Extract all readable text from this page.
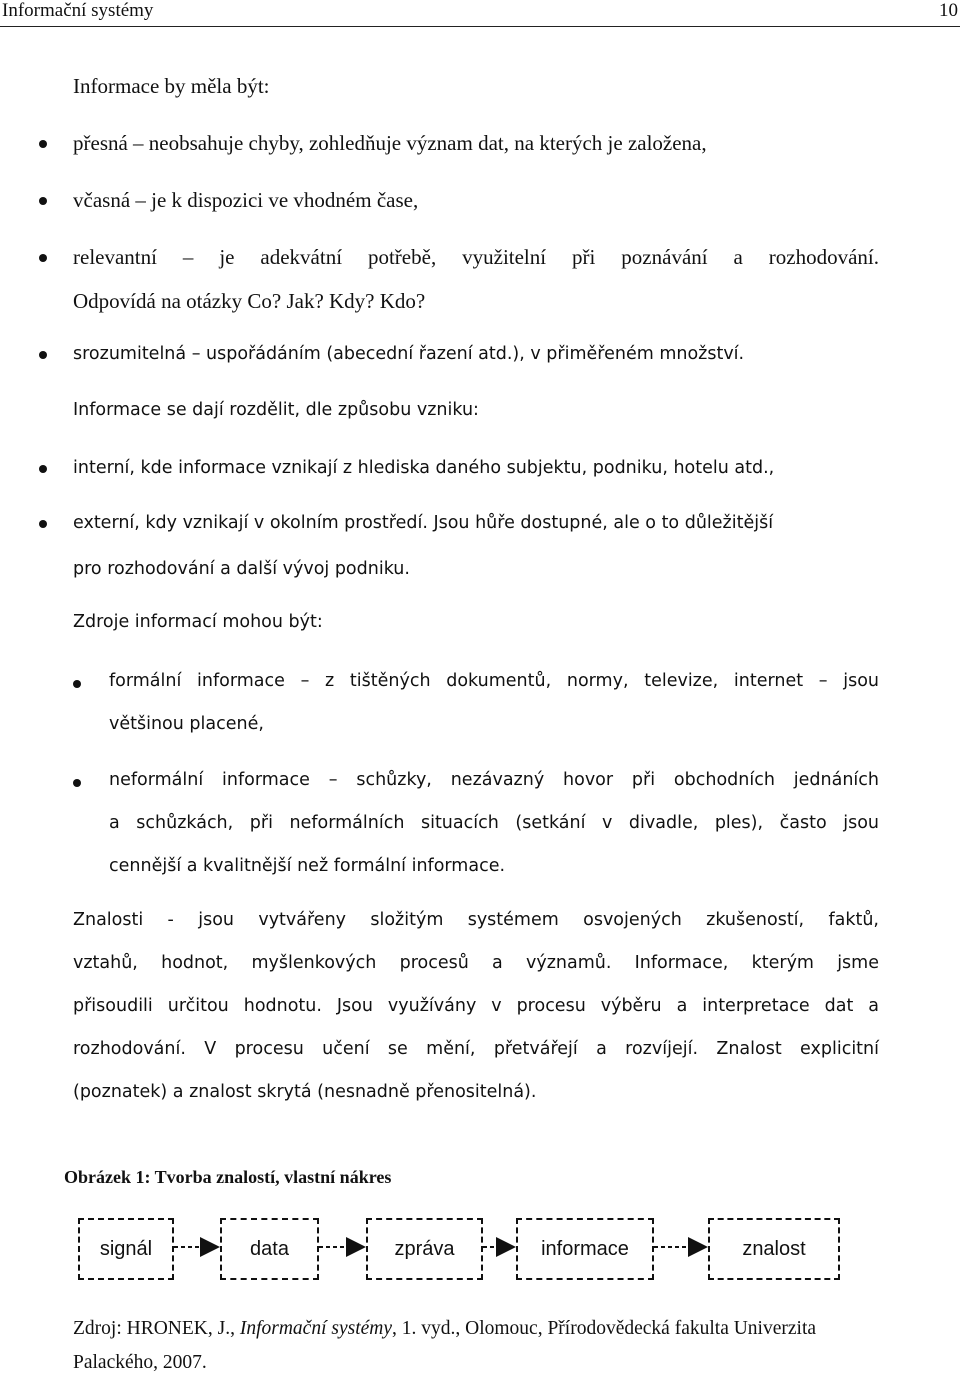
Informační systémy	10
Informace by měla být:
přesná – neobsahuje chyby, zohledňuje význam dat, na kterých je založena,
včasná – je k dispozici ve vhodném čase,
relevantní – je adekvátní potřebě, využitelní při poznávání a rozhodování.
Odpovídá na otázky Co? Jak? Kdy? Kdo?
srozumitelná – uspořádáním (abecední řazení atd.), v přiměřeném množství.
Informace se dají rozdělit, dle způsobu vzniku:
interní, kde informace vznikají z hlediska daného subjektu, podniku, hotelu atd.,
externí, kdy vznikají v okolním prostředí. Jsou hůře dostupné, ale o to důležitější
pro rozhodování a další vývoj podniku.
Zdroje informací mohou být:
formální informace – z tištěných dokumentů, normy, televize, internet – jsou
většinou placené,
neformální informace – schůzky, nezávazný hovor při obchodních jednáních
a schůzkách, při neformálních situacích (setkání v divadle, ples), často jsou
cennější a kvalitnější než formální informace.
Znalosti - jsou vytvářeny složitým systémem osvojených zkušeností, faktů,
vztahů, hodnot, myšlenkových procesů a významů. Informace, kterým jsme
přisoudili určitou hodnotu. Jsou využívány v procesu výběru a interpretace dat a
rozhodování. V procesu učení se mění, přetvářejí a rozvíjejí. Znalost explicitní
(poznatek) a znalost skrytá (nesnadně přenositelná).
Obrázek 1: Tvorba znalostí, vlastní nákres
signál	data	zpráva	informace	znalost
Zdroj: HRONEK, J., Informační systémy, 1. vyd., Olomouc, Přírodovědecká fakulta Univerzita
Palackého, 2007.
